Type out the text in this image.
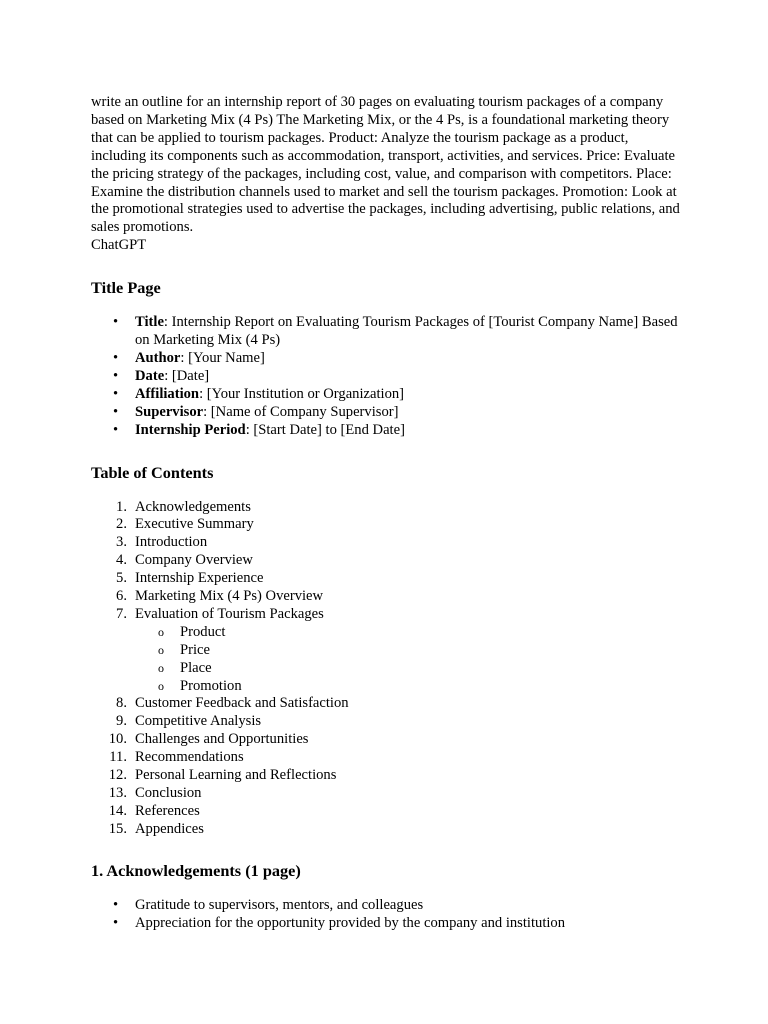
write an outline for an internship report of 30 pages on evaluating tourism packages of a company based on Marketing Mix (4 Ps) The Marketing Mix, or the 4 Ps, is a foundational marketing theory that can be applied to tourism packages. Product: Analyze the tourism package as a product, including its components such as accommodation, transport, activities, and services. Price: Evaluate the pricing strategy of the packages, including cost, value, and comparison with competitors. Place: Examine the distribution channels used to market and sell the tourism packages. Promotion: Look at the promotional strategies used to advertise the packages, including advertising, public relations, and sales promotions.

ChatGPT

Title Page
• Title: Internship Report on Evaluating Tourism Packages of [Tourist Company Name] Based on Marketing Mix (4 Ps)
• Author: [Your Name]
• Date: [Date]
• Affiliation: [Your Institution or Organization]
• Supervisor: [Name of Company Supervisor]
• Internship Period: [Start Date] to [End Date]
Table of Contents
1. Acknowledgements
2. Executive Summary
3. Introduction
4. Company Overview
5. Internship Experience
6. Marketing Mix (4 Ps) Overview
7. Evaluation of Tourism Packages
o Product
o Price
o Place
o Promotion
8. Customer Feedback and Satisfaction
9. Competitive Analysis
10. Challenges and Opportunities
11. Recommendations
12. Personal Learning and Reflections
13. Conclusion
14. References
15. Appendices
1. Acknowledgements (1 page)
• Gratitude to supervisors, mentors, and colleagues
• Appreciation for the opportunity provided by the company and institution
